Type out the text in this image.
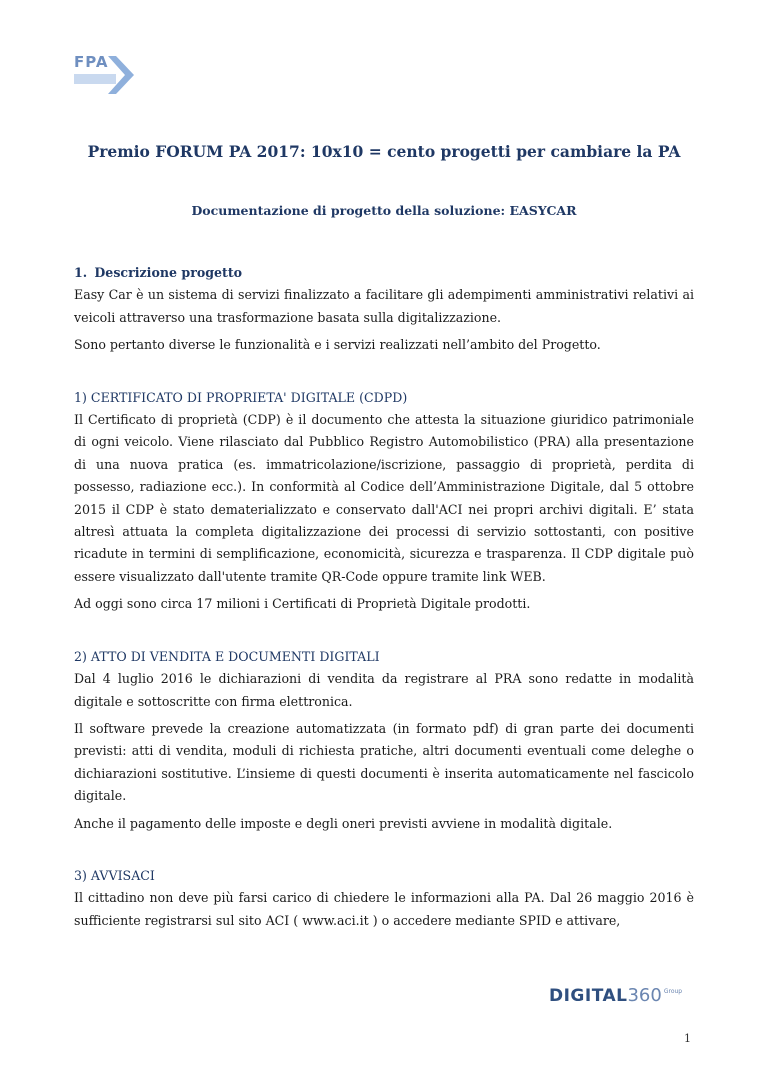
FPA
Premio FORUM PA 2017: 10x10 = cento progetti per cambiare la PA
Documentazione di progetto della soluzione: EASYCAR
1. Descrizione progetto

Easy Car è un sistema di servizi finalizzato a facilitare gli adempimenti amministrativi relativi ai veicoli attraverso una trasformazione basata sulla digitalizzazione.

Sono pertanto diverse le funzionalità e i servizi realizzati nell’ambito del Progetto.

1) CERTIFICATO DI PROPRIETA' DIGITALE (CDPD)

Il Certificato di proprietà (CDP) è il documento che attesta la situazione giuridico patrimoniale di ogni veicolo. Viene rilasciato dal Pubblico Registro Automobilistico (PRA) alla presentazione di una nuova pratica (es. immatricolazione/iscrizione, passaggio di proprietà, perdita di possesso, radiazione ecc.). In conformità al Codice dell’Amministrazione Digitale, dal 5 ottobre 2015 il CDP è stato dematerializzato e conservato dall'ACI nei propri archivi digitali. E’ stata altresì attuata la completa digitalizzazione dei processi di servizio sottostanti, con positive ricadute in termini di semplificazione, economicità, sicurezza e trasparenza. Il CDP digitale può essere visualizzato dall'utente tramite QR-Code oppure tramite link WEB.

Ad oggi sono circa 17 milioni i Certificati di Proprietà Digitale prodotti.

2) ATTO DI VENDITA E DOCUMENTI DIGITALI

Dal 4 luglio 2016 le dichiarazioni di vendita da registrare al PRA sono redatte in modalità digitale e sottoscritte con firma elettronica.

Il software prevede la creazione automatizzata (in formato pdf) di gran parte dei documenti previsti: atti di vendita, moduli di richiesta pratiche, altri documenti eventuali come deleghe o dichiarazioni sostitutive. L’insieme di questi documenti è inserita automaticamente nel fascicolo digitale.

Anche il pagamento delle imposte e degli oneri previsti avviene in modalità digitale.

3) AVVISACI

Il cittadino non deve più farsi carico di chiedere le informazioni alla PA. Dal 26 maggio 2016 è sufficiente registrarsi sul sito ACI ( www.aci.it ) o accedere mediante SPID e attivare,

DIGITAL360 $^{Group}$
1
